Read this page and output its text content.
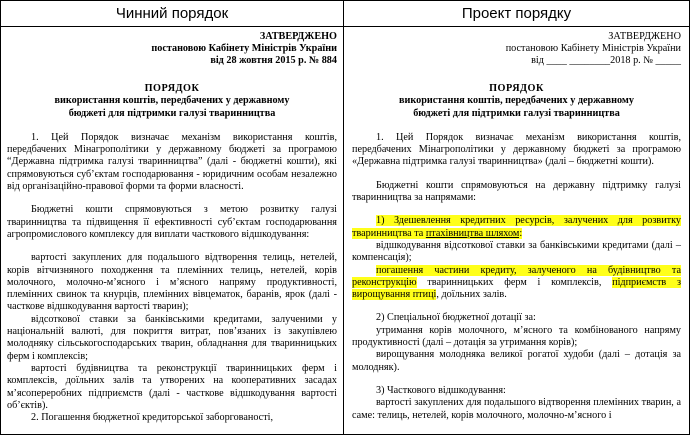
Чинний порядок	Проект порядку
ЗАТВЕРДЖЕНО
постановою Кабінету Міністрів України
від 28 жовтня 2015 р. № 884
ПОРЯДОК
використання коштів, передбачених у державному
бюджеті для підтримки галузі тваринництва
1. Цей Порядок визначає механізм використання коштів, передбачених Мінагрополітики у державному бюджеті за програмою “Державна підтримка галузі тваринництва” (далі - бюджетні кошти), які спрямовуються суб’єктам господарювання - юридичним особам незалежно від організаційно-правової форми та форми власності.
Бюджетні кошти спрямовуються з метою розвитку галузі тваринництва та підвищення її ефективності суб’єктам господарювання агропромислового комплексу для виплати часткового відшкодування:
вартості закуплених для подальшого відтворення телиць, нетелей, корів вітчизняного походження та племінних телиць, нетелей, корів молочного, молочно-м’ясного і м’ясного напряму продуктивності, племінних свинок та кнурців, племінних вівцематок, баранів, ярок (далі - часткове відшкодування вартості тварин);
відсоткової ставки за банківськими кредитами, залученими у національній валюті, для покриття витрат, пов’язаних із закупівлею молодняку сільськогосподарських тварин, обладнання для тваринницьких ферм і комплексів;
вартості будівництва та реконструкції тваринницьких ферм і комплексів, доїльних залів та утворених на кооперативних засадах м’ясопереробних підприємств (далі - часткове відшкодування вартості об’єктів).
2. Погашення бюджетної кредиторської заборгованості,
ЗАТВЕРДЖЕНО
постановою Кабінету Міністрів України
від ____ ________2018 р. № _____
ПОРЯДОК
використання коштів, передбачених у державному
бюджеті для підтримки галузі тваринництва
1. Цей Порядок визначає механізм використання коштів, передбачених Мінагрополітики у державному бюджеті за програмою «Державна підтримка галузі тваринництва» (далі – бюджетні кошти).
Бюджетні кошти спрямовуються на державну підтримку галузі тваринництва за напрямами:
1) Здешевлення кредитних ресурсів, залучених для розвитку тваринництва та птахівництва шляхом:
відшкодування відсоткової ставки за банківськими кредитами (далі – компенсація);
погашення частини кредиту, залученого на будівництво та реконструкцію тваринницьких ферм і комплексів, підприємств з вирощування птиці, доїльних залів.
2) Спеціальної бюджетної дотації за:
утримання корів молочного, м’ясного та комбінованого напряму продуктивності (далі – дотація за утримання корів);
вирощування молодняка великої рогатої худоби (далі – дотація за молодняк).
3) Часткового відшкодування:
вартості закуплених для подальшого відтворення племінних тварин, а саме: телиць, нетелей, корів молочного, молочно-м’ясного і
